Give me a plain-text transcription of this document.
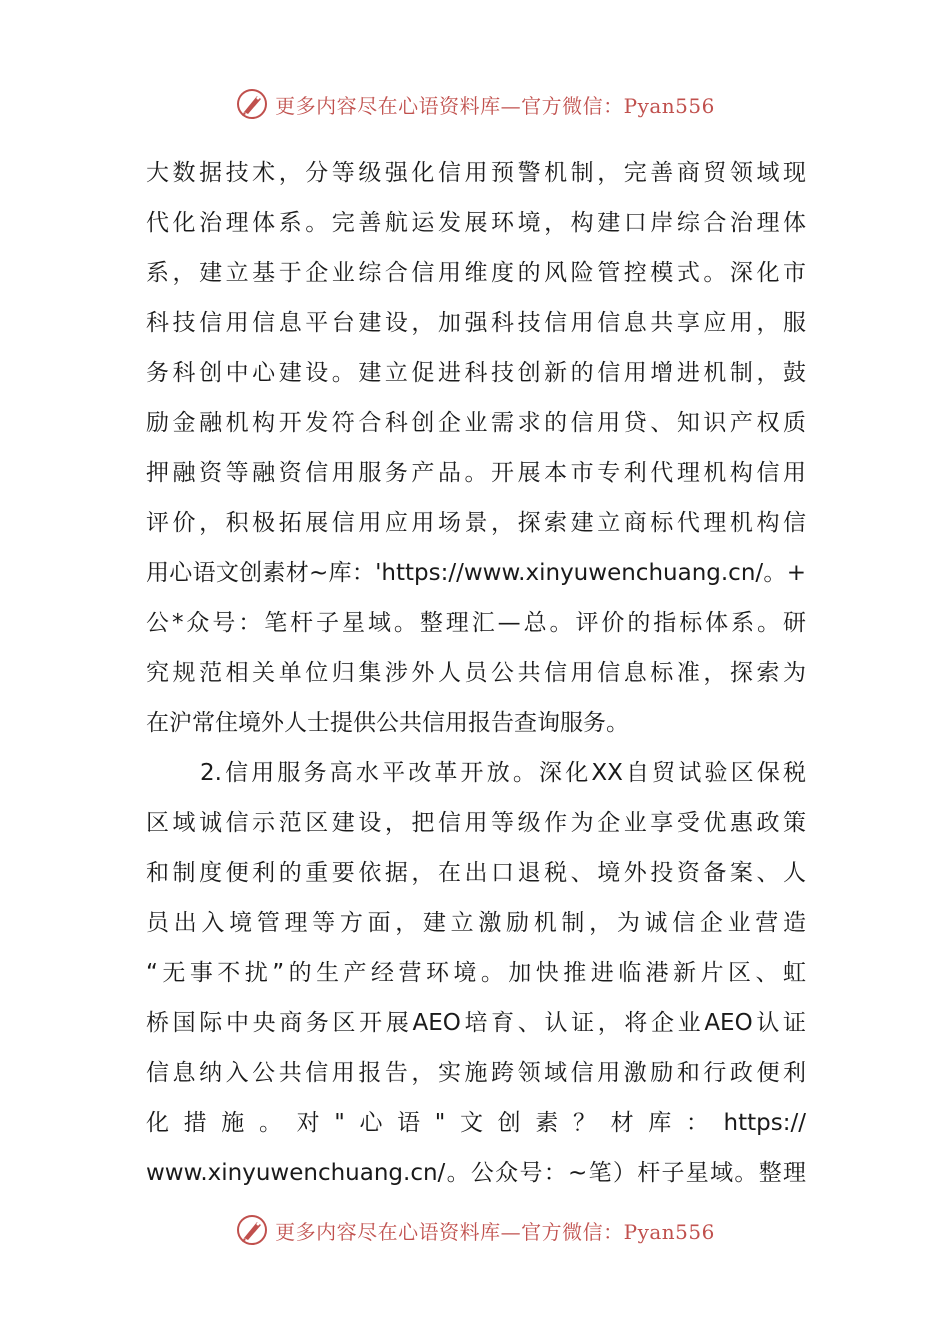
更多内容尽在心语资料库—官方微信：Pyan556
大数据技术，分等级强化信用预警机制，完善商贸领域现
代化治理体系。完善航运发展环境，构建口岸综合治理体
系，建立基于企业综合信用维度的风险管控模式。深化市
科技信用信息平台建设，加强科技信用信息共享应用，服
务科创中心建设。建立促进科技创新的信用增进机制，鼓
励金融机构开发符合科创企业需求的信用贷、知识产权质
押融资等融资信用服务产品。开展本市专利代理机构信用
评价，积极拓展信用应用场景，探索建立商标代理机构信
用心语文创素材~库：'https://www.xinyuwenchuang.cn/。+
公*众号：笔杆子星域。整理汇—总。评价的指标体系。研
究规范相关单位归集涉外人员公共信用信息标准，探索为
在沪常住境外人士提供公共信用报告查询服务。
2.信用服务高水平改革开放。深化XX自贸试验区保税
区域诚信示范区建设，把信用等级作为企业享受优惠政策
和制度便利的重要依据，在出口退税、境外投资备案、人
员出入境管理等方面，建立激励机制，为诚信企业营造
“无事不扰”的生产经营环境。加快推进临港新片区、虹
桥国际中央商务区开展AEO培育、认证，将企业AEO认证
信息纳入公共信用报告，实施跨领域信用激励和行政便利
化措施。对"心语"文创素？材库：https://
www.xinyuwenchuang.cn/。公众号：~笔）杆子星域。整理
更多内容尽在心语资料库—官方微信：Pyan556
